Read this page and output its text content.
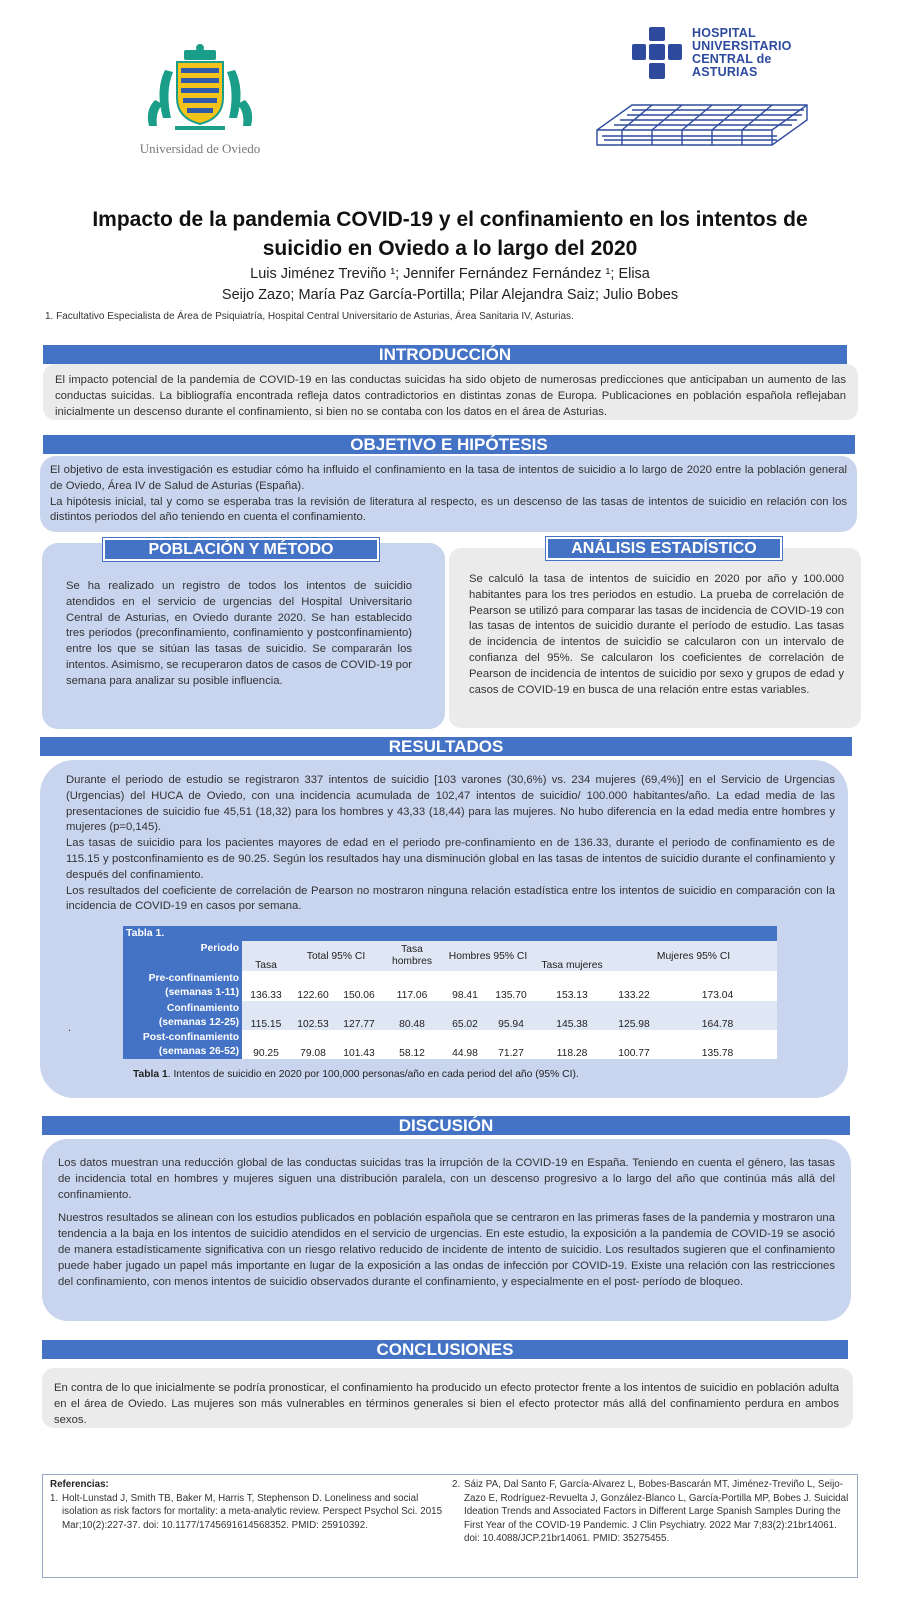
Universidad de Oviedo
HOSPITAL
UNIVERSITARIO
CENTRAL de
ASTURIAS
Impacto de la pandemia COVID-19 y el confinamiento en los intentos de
suicidio en Oviedo a lo largo del 2020
Luis Jiménez Treviño ¹; Jennifer Fernández Fernández ¹; Elisa
Seijo Zazo; María Paz García-Portilla; Pilar Alejandra Saiz; Julio Bobes
1. Facultativo Especialista de Área de Psiquiatría, Hospital Central Universitario de Asturias, Área Sanitaria IV, Asturias.
INTRODUCCIÓN

El impacto potencial de la pandemia de COVID-19 en las conductas suicidas ha sido objeto de numerosas predicciones que anticipaban un aumento de las conductas suicidas. La bibliografía encontrada refleja datos contradictorios en distintas zonas de Europa. Publicaciones en población española reflejaban inicialmente un descenso durante el confinamiento, si bien no se contaba con los datos en el área de Asturias.

OBJETIVO E HIPÓTESIS

El objetivo de esta investigación es estudiar cómo ha influido el confinamiento en la tasa de intentos de suicidio a lo largo de 2020 entre la población general de Oviedo, Área IV de Salud de Asturias (España).

La hipótesis inicial, tal y como se esperaba tras la revisión de literatura al respecto, es un descenso de las tasas de intentos de suicidio en relación con los distintos periodos del año teniendo en cuenta el confinamiento.

Se ha realizado un registro de todos los intentos de suicidio atendidos en el servicio de urgencias del Hospital Universitario Central de Asturias, en Oviedo durante 2020. Se han establecido tres periodos (preconfinamiento, confinamiento y postconfinamiento) entre los que se sitúan las tasas de suicidio. Se compararán los intentos. Asimismo, se recuperaron datos de casos de COVID-19 por semana para analizar su posible influencia.

POBLACIÓN Y MÉTODO

Se calculó la tasa de intentos de suicidio en 2020 por año y 100.000 habitantes para los tres periodos en estudio. La prueba de correlación de Pearson se utilizó para comparar las tasas de incidencia de COVID-19 con las tasas de intentos de suicidio durante el período de estudio. Las tasas de incidencia de intentos de suicidio se calcularon con un intervalo de confianza del 95%. Se calcularon los coeficientes de correlación de Pearson de incidencia de intentos de suicidio por sexo y grupos de edad y casos de COVID-19 en busca de una relación entre estas variables.

ANÁLISIS ESTADÍSTICO
RESULTADOS

Durante el periodo de estudio se registraron 337 intentos de suicidio [103 varones (30,6%) vs. 234 mujeres (69,4%)] en el Servicio de Urgencias (Urgencias) del HUCA de Oviedo, con una incidencia acumulada de 102,47 intentos de suicidio/ 100.000 habitantes/año. La edad media de las presentaciones de suicidio fue 45,51 (18,32) para los hombres y 43,33 (18,44) para las mujeres. No hubo diferencia en la edad media entre hombres y mujeres (p=0,145).

Las tasas de suicidio para los pacientes mayores de edad en el periodo pre-confinamiento en de 136.33, durante el periodo de confinamiento es de 115.15 y postconfinamiento es de 90.25. Según los resultados hay una disminución global en las tasas de intentos de suicidio durante el confinamiento y después del confinamiento.

Los resultados del coeficiente de correlación de Pearson no mostraron ninguna relación estadística entre los intentos de suicidio en comparación con la incidencia de COVID-19 en casos por semana.

.
Tabla 1.
Periodo	Tasa	Total 95% CI		Tasa hombres	Hombres 95% CI		Tasa mujeres	Mujeres 95% CI	

Pre-confinamiento
(semanas 1-11)	136.33	122.60	150.06	117.06	98.41	135.70	153.13	133.22	173.04

Confinamiento
(semanas 12-25)	115.15	102.53	127.77	80.48	65.02	95.94	145.38	125.98	164.78

Post-confinamiento
(semanas 26-52)	90.25	79.08	101.43	58.12	44.98	71.27	118.28	100.77	135.78
Tabla 1. Intentos de suicidio en 2020 por 100,000 personas/año en cada period del año (95% CI).
DISCUSIÓN

Los datos muestran una reducción global de las conductas suicidas tras la irrupción de la COVID-19 en España. Teniendo en cuenta el género, las tasas de incidencia total en hombres y mujeres siguen una distribución paralela, con un descenso progresivo a lo largo del año que continúa más allá del confinamiento.

Nuestros resultados se alinean con los estudios publicados en población española que se centraron en las primeras fases de la pandemia y mostraron una tendencia a la baja en los intentos de suicidio atendidos en el servicio de urgencias. En este estudio, la exposición a la pandemia de COVID-19 se asoció de manera estadísticamente significativa con un riesgo relativo reducido de incidente de intento de suicidio. Los resultados sugieren que el confinamiento puede haber jugado un papel más importante en lugar de la exposición a las ondas de infección por COVID-19. Existe una relación con las restricciones del confinamiento, con menos intentos de suicidio observados durante el confinamiento, y especialmente en el post- período de bloqueo.

CONCLUSIONES

En contra de lo que inicialmente se podría pronosticar, el confinamiento ha producido un efecto protector frente a los intentos de suicidio en población adulta en el área de Oviedo. Las mujeres son más vulnerables en términos generales si bien el efecto protector más allá del confinamiento perdura en ambos sexos.

Referencias:
1. Holt-Lunstad J, Smith TB, Baker M, Harris T, Stephenson D. Loneliness and social isolation as risk factors for mortality: a meta-analytic review. Perspect Psychol Sci. 2015 Mar;10(2):227-37. doi: 10.1177/1745691614568352. PMID: 25910392.
2. Sáiz PA, Dal Santo F, García-Alvarez L, Bobes-Bascarán MT, Jiménez-Treviño L, Seijo-Zazo E, Rodríguez-Revuelta J, González-Blanco L, García-Portilla MP, Bobes J. Suicidal Ideation Trends and Associated Factors in Different Large Spanish Samples During the First Year of the COVID-19 Pandemic. J Clin Psychiatry. 2022 Mar 7;83(2):21br14061. doi: 10.4088/JCP.21br14061. PMID: 35275455.
